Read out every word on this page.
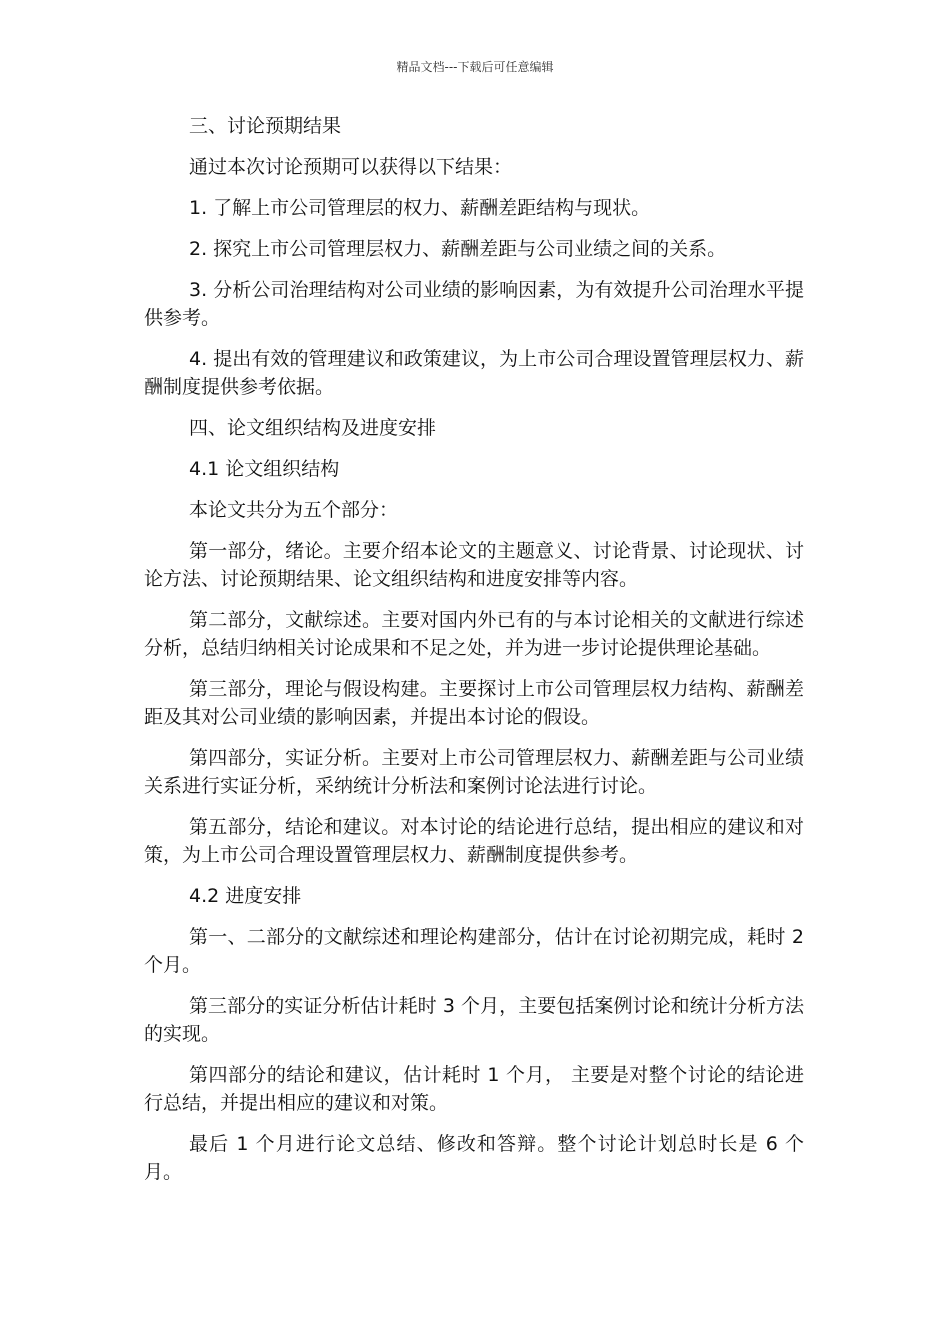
精品文档---下载后可任意编辑

三、讨论预期结果

通过本次讨论预期可以获得以下结果：

1. 了解上市公司管理层的权力、薪酬差距结构与现状。

2. 探究上市公司管理层权力、薪酬差距与公司业绩之间的关系。

3. 分析公司治理结构对公司业绩的影响因素，为有效提升公司治理水平提供参考。

4. 提出有效的管理建议和政策建议，为上市公司合理设置管理层权力、薪酬制度提供参考依据。

四、论文组织结构及进度安排

4.1 论文组织结构

本论文共分为五个部分：

第一部分，绪论。主要介绍本论文的主题意义、讨论背景、讨论现状、讨论方法、讨论预期结果、论文组织结构和进度安排等内容。

第二部分，文献综述。主要对国内外已有的与本讨论相关的文献进行综述分析，总结归纳相关讨论成果和不足之处，并为进一步讨论提供理论基础。

第三部分，理论与假设构建。主要探讨上市公司管理层权力结构、薪酬差距及其对公司业绩的影响因素，并提出本讨论的假设。

第四部分，实证分析。主要对上市公司管理层权力、薪酬差距与公司业绩关系进行实证分析，采纳统计分析法和案例讨论法进行讨论。

第五部分，结论和建议。对本讨论的结论进行总结，提出相应的建议和对策，为上市公司合理设置管理层权力、薪酬制度提供参考。

4.2 进度安排

第一、二部分的文献综述和理论构建部分，估计在讨论初期完成，耗时 2 个月。

第三部分的实证分析估计耗时 3 个月，主要包括案例讨论和统计分析方法的实现。

第四部分的结论和建议，估计耗时 1 个月， 主要是对整个讨论的结论进行总结，并提出相应的建议和对策。

最后 1 个月进行论文总结、修改和答辩。整个讨论计划总时长是 6 个月。
